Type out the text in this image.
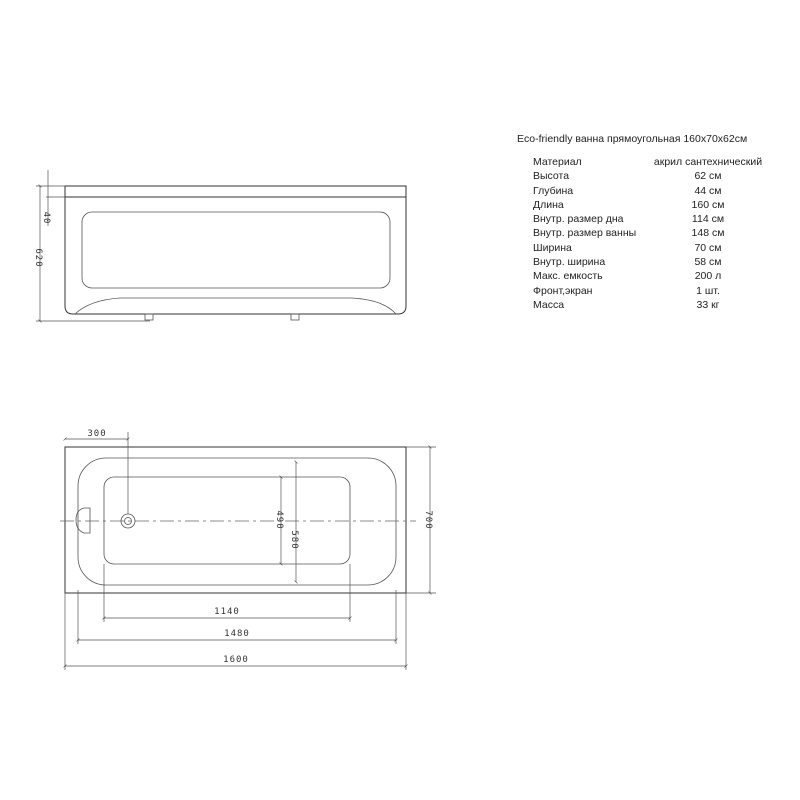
Eco-friendly ванна прямоугольная 160x70x62см
Материал	акрил сантехнический
Высота	62 см
Глубина	44 см
Длина	160 см
Внутр. размер дна	114 см
Внутр. размер ванны	148 см
Ширина	70 см
Внутр. ширина	58 см
Макс. емкость	200 л
Фронт,экран	1 шт.
Масса	33 кг
620
40
300
700
580
490
1140
1480
1600
